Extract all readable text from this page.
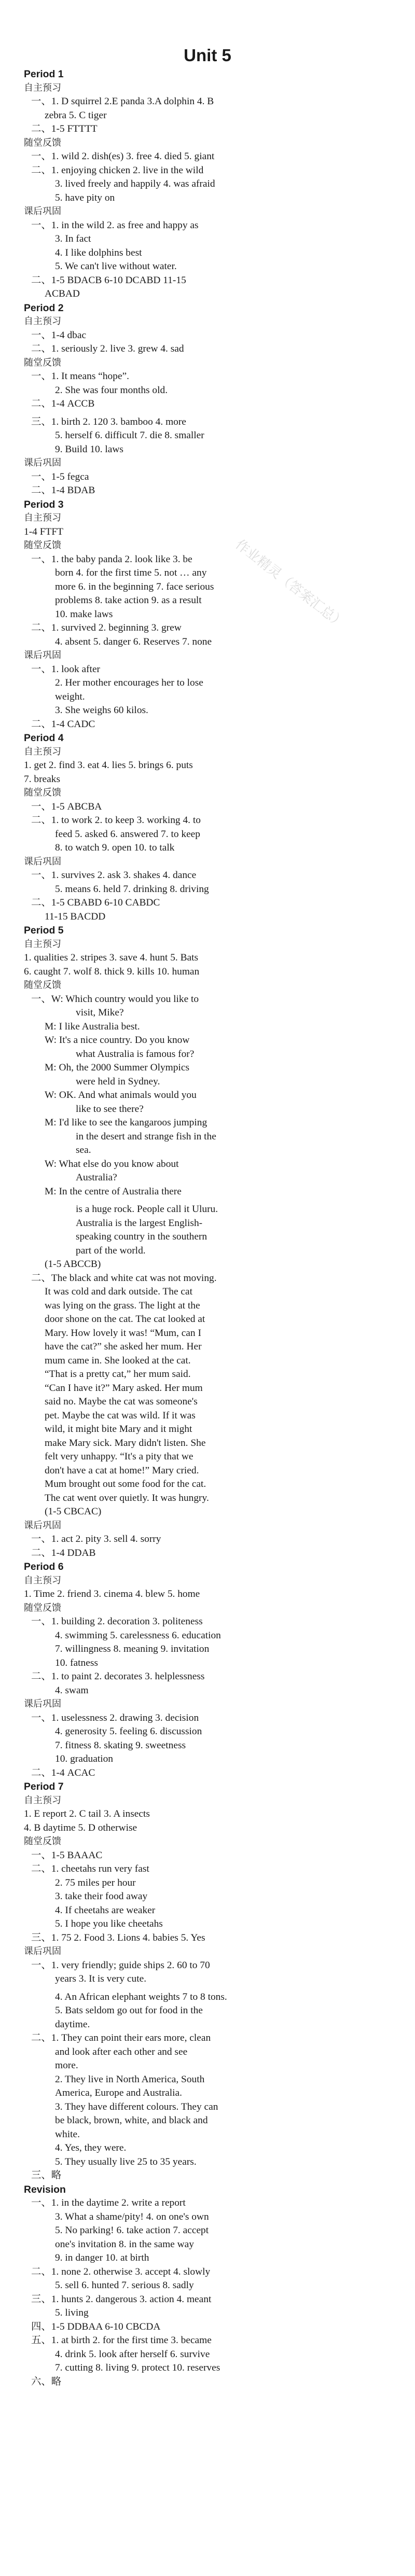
Unit 5
作业精灵（答案汇总）
Period 1
自主预习
一、1. D squirrel 2.E panda 3.A dolphin 4. B
zebra 5. C tiger
二、1-5 FTTTT
随堂反馈
一、1. wild 2. dish(es) 3. free 4. died 5. giant
二、1. enjoying chicken 2. live in the wild
3. lived freely and happily 4. was afraid
5. have pity on
课后巩固
一、1. in the wild 2. as free and happy as
3. In fact
4. I like dolphins best
5. We can't live without water.
二、1-5 BDACB 6-10 DCABD 11-15
ACBAD
Period 2
自主预习
一、1-4 dbac
二、1. seriously 2. live 3. grew 4. sad
随堂反馈
一、1. It means “hope”.
2. She was four months old.
二、1-4 ACCB
三、1. birth 2. 120 3. bamboo 4. more
5. herself 6. difficult 7. die 8. smaller
9. Build 10. laws
课后巩固
一、1-5 fegca
二、1-4 BDAB
Period 3
自主预习
1-4 FTFT
随堂反馈
一、1. the baby panda 2. look like 3. be
born 4. for the first time 5. not … any
more 6. in the beginning 7. face serious
problems 8. take action 9. as a result
10. make laws
二、1. survived 2. beginning 3. grew
4. absent 5. danger 6. Reserves 7. none
课后巩固
一、1. look after
2. Her mother encourages her to lose
weight.
3. She weighs 60 kilos.
二、1-4 CADC
Period 4
自主预习
1. get 2. find 3. eat 4. lies 5. brings 6. puts
7. breaks
随堂反馈
一、1-5 ABCBA
二、1. to work 2. to keep 3. working 4. to
feed 5. asked 6. answered 7. to keep
8. to watch 9. open 10. to talk
课后巩固
一、1. survives 2. ask 3. shakes 4. dance
5. means 6. held 7. drinking 8. driving
二、1-5 CBABD 6-10 CABDC
11-15 BACDD
Period 5
自主预习
1. qualities 2. stripes 3. save 4. hunt 5. Bats
6. caught 7. wolf 8. thick 9. kills 10. human
随堂反馈
一、W: Which country would you like to
visit, Mike?
M: I like Australia best.
W: It's a nice country. Do you know
what Australia is famous for?
M: Oh, the 2000 Summer Olympics
were held in Sydney.
W: OK. And what animals would you
like to see there?
M: I'd like to see the kangaroos jumping
in the desert and strange fish in the
sea.
W: What else do you know about
Australia?
M: In the centre of Australia there
is a huge rock. People call it Uluru.
Australia is the largest English-
speaking country in the southern
part of the world.
(1-5 ABCCB)
二、The black and white cat was not moving.
It was cold and dark outside. The cat
was lying on the grass. The light at the
door shone on the cat. The cat looked at
Mary. How lovely it was! “Mum, can I
have the cat?” she asked her mum. Her
mum came in. She looked at the cat.
“That is a pretty cat,” her mum said.
“Can I have it?” Mary asked. Her mum
said no. Maybe the cat was someone's
pet. Maybe the cat was wild. If it was
wild, it might bite Mary and it might
make Mary sick. Mary didn't listen. She
felt very unhappy. “It's a pity that we
don't have a cat at home!” Mary cried.
Mum brought out some food for the cat.
The cat went over quietly. It was hungry.
(1-5 CBCAC)
课后巩固
一、1. act 2. pity 3. sell 4. sorry
二、1-4 DDAB
Period 6
自主预习
1. Time 2. friend 3. cinema 4. blew 5. home
随堂反馈
一、1. building 2. decoration 3. politeness
4. swimming 5. carelessness 6. education
7. willingness 8. meaning 9. invitation
10. fatness
二、1. to paint 2. decorates 3. helplessness
4. swam
课后巩固
一、1. uselessness 2. drawing 3. decision
4. generosity 5. feeling 6. discussion
7. fitness 8. skating 9. sweetness
10. graduation
二、1-4 ACAC
Period 7
自主预习
1. E report 2. C tail 3. A insects
4. B daytime 5. D otherwise
随堂反馈
一、1-5 BAAAC
二、1. cheetahs run very fast
2. 75 miles per hour
3. take their food away
4. If cheetahs are weaker
5. I hope you like cheetahs
三、1. 75 2. Food 3. Lions 4. babies 5. Yes
课后巩固
一、1. very friendly; guide ships 2. 60 to 70
years 3. It is very cute.
4. An African elephant weights 7 to 8 tons.
5. Bats seldom go out for food in the
daytime.
二、1. They can point their ears more, clean
and look after each other and see
more.
2. They live in North America, South
America, Europe and Australia.
3. They have different colours. They can
be black, brown, white, and black and
white.
4. Yes, they were.
5. They usually live 25 to 35 years.
三、略
Revision
一、1. in the daytime 2. write a report
3. What a shame/pity! 4. on one's own
5. No parking! 6. take action 7. accept
one's invitation 8. in the same way
9. in danger 10. at birth
二、1. none 2. otherwise 3. accept 4. slowly
5. sell 6. hunted 7. serious 8. sadly
三、1. hunts 2. dangerous 3. action 4. meant
5. living
四、1-5 DDBAA 6-10 CBCDA
五、1. at birth 2. for the first time 3. became
4. drink 5. look after herself 6. survive
7. cutting 8. living 9. protect 10. reserves
六、略
